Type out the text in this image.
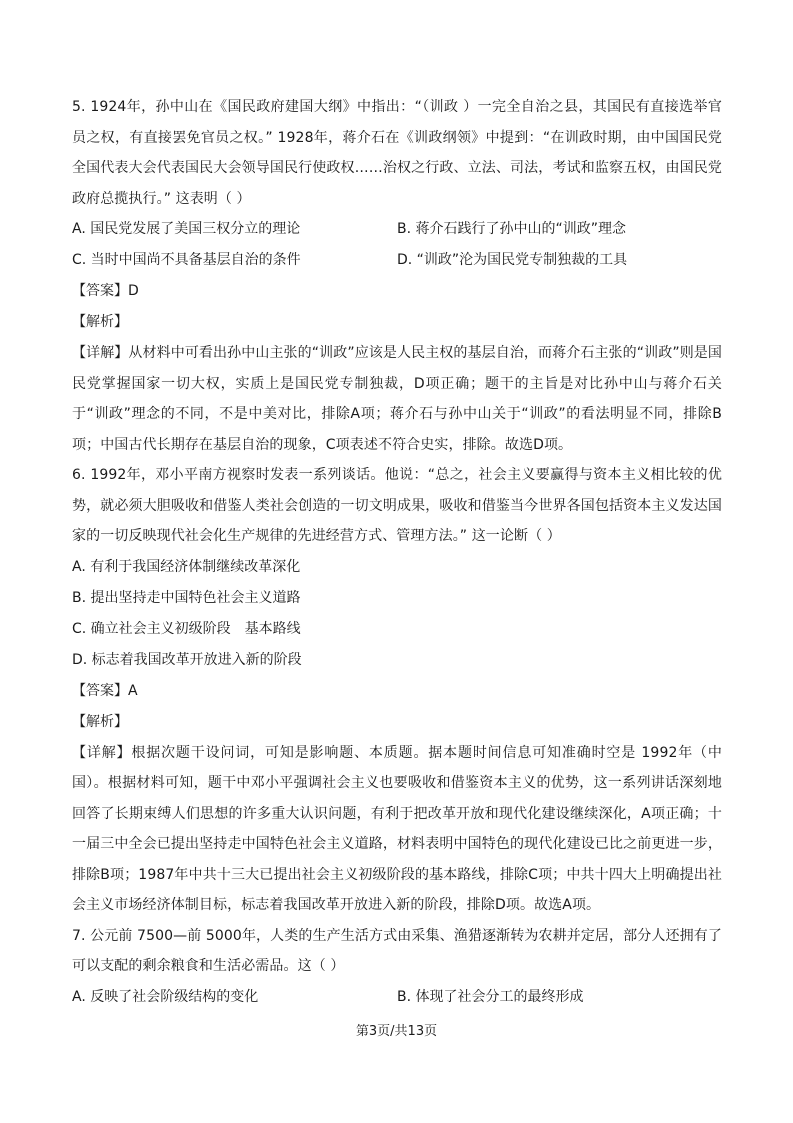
5. 1924年，孙中山在《国民政府建国大纲》中指出：“（训政 ）一完全自治之县，其国民有直接选举官员之权，有直接罢免官员之权。” 1928年，蒋介石在《训政纲领》中提到：“在训政时期，由中国国民党全国代表大会代表国民大会领导国民行使政权……治权之行政、立法、司法，考试和监察五权，由国民党政府总揽执行。” 这表明（ ）

A. 国民党发展了美国三权分立的理论	B. 蒋介石践行了孙中山的“训政”理念
C. 当时中国尚不具备基层自治的条件	D. “训政”沦为国民党专制独裁的工具
【答案】D
【解析】

【详解】从材料中可看出孙中山主张的“训政”应该是人民主权的基层自治，而蒋介石主张的“训政”则是国民党掌握国家一切大权，实质上是国民党专制独裁，D项正确；题干的主旨是对比孙中山与蒋介石关于“训政”理念的不同，不是中美对比，排除A项；蒋介石与孙中山关于“训政”的看法明显不同，排除B项；中国古代长期存在基层自治的现象，C项表述不符合史实，排除。故选D项。

6. 1992年，邓小平南方视察时发表一系列谈话。他说：“总之，社会主义要赢得与资本主义相比较的优势，就必须大胆吸收和借鉴人类社会创造的一切文明成果，吸收和借鉴当今世界各国包括资本主义发达国家的一切反映现代社会化生产规律的先进经营方式、管理方法。” 这一论断（ ）

A. 有利于我国经济体制继续改革深化
B. 提出坚持走中国特色社会主义道路
C. 确立社会主义初级阶段　基本路线
D. 标志着我国改革开放进入新的阶段
【答案】A
【解析】

【详解】根据次题干设问词，可知是影响题、本质题。据本题时间信息可知准确时空是 1992年（中国）。根据材料可知，题干中邓小平强调社会主义也要吸收和借鉴资本主义的优势，这一系列讲话深刻地回答了长期束缚人们思想的许多重大认识问题，有利于把改革开放和现代化建设继续深化，A项正确；十一届三中全会已提出坚持走中国特色社会主义道路，材料表明中国特色的现代化建设已比之前更进一步，排除B项；1987年中共十三大已提出社会主义初级阶段的基本路线，排除C项；中共十四大上明确提出社会主义市场经济体制目标，标志着我国改革开放进入新的阶段，排除D项。故选A项。

7. 公元前 7500—前 5000年，人类的生产生活方式由采集、渔猎逐渐转为农耕并定居，部分人还拥有了可以支配的剩余粮食和生活必需品。这（ ）

A. 反映了社会阶级结构的变化	B. 体现了社会分工的最终形成
第3页/共13页
